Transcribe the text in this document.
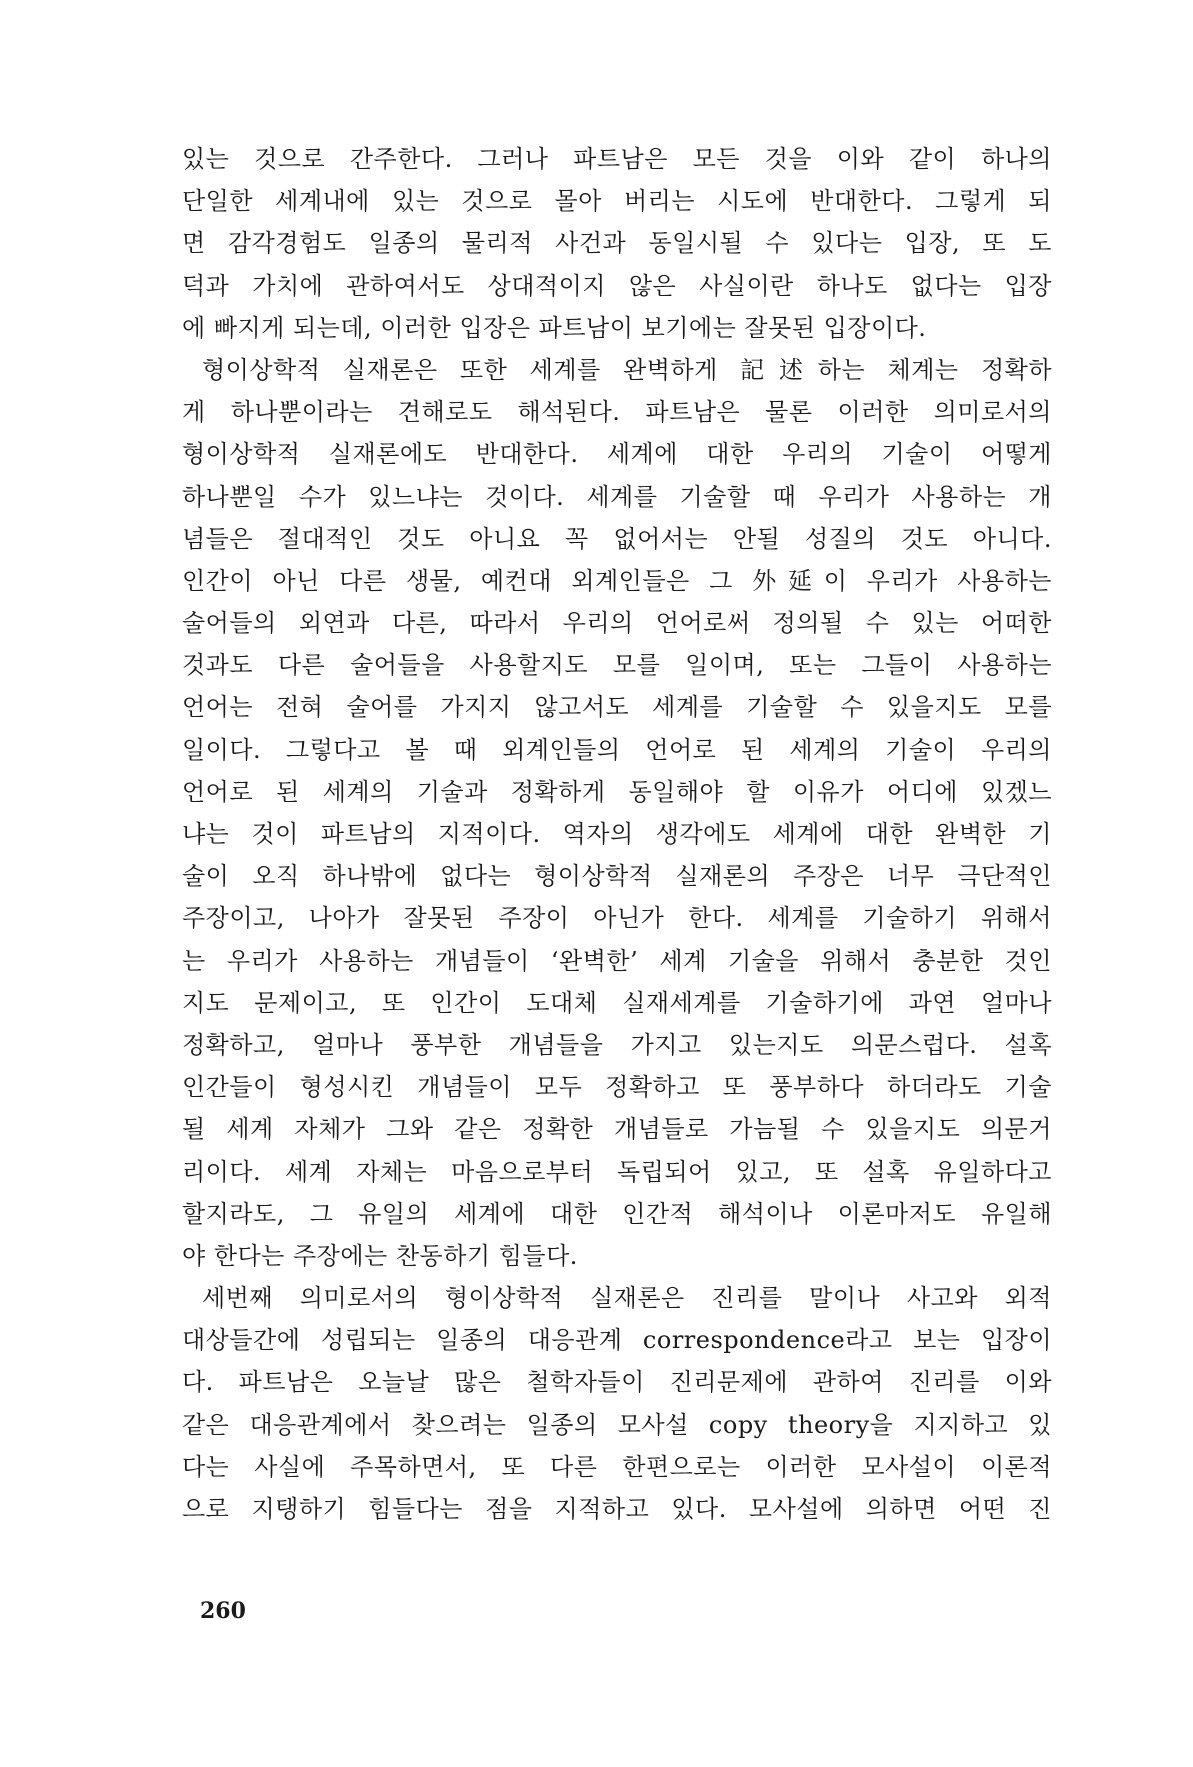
있는 것으로 간주한다. 그러나 파트남은 모든 것을 이와 같이 하나의
단일한 세계내에 있는 것으로 몰아 버리는 시도에 반대한다. 그렇게 되
면 감각경험도 일종의 물리적 사건과 동일시될 수 있다는 입장, 또 도
덕과 가치에 관하여서도 상대적이지 않은 사실이란 하나도 없다는 입장
에 빠지게 되는데, 이러한 입장은 파트남이 보기에는 잘못된 입장이다.
형이상학적 실재론은 또한 세계를 완벽하게 記述하는 체계는 정확하
게 하나뿐이라는 견해로도 해석된다. 파트남은 물론 이러한 의미로서의
형이상학적 실재론에도 반대한다. 세계에 대한 우리의 기술이 어떻게
하나뿐일 수가 있느냐는 것이다. 세계를 기술할 때 우리가 사용하는 개
념들은 절대적인 것도 아니요 꼭 없어서는 안될 성질의 것도 아니다.
인간이 아닌 다른 생물, 예컨대 외계인들은 그 外延이 우리가 사용하는
술어들의 외연과 다른, 따라서 우리의 언어로써 정의될 수 있는 어떠한
것과도 다른 술어들을 사용할지도 모를 일이며, 또는 그들이 사용하는
언어는 전혀 술어를 가지지 않고서도 세계를 기술할 수 있을지도 모를
일이다. 그렇다고 볼 때 외계인들의 언어로 된 세계의 기술이 우리의
언어로 된 세계의 기술과 정확하게 동일해야 할 이유가 어디에 있겠느
냐는 것이 파트남의 지적이다. 역자의 생각에도 세계에 대한 완벽한 기
술이 오직 하나밖에 없다는 형이상학적 실재론의 주장은 너무 극단적인
주장이고, 나아가 잘못된 주장이 아닌가 한다. 세계를 기술하기 위해서
는 우리가 사용하는 개념들이 ‘완벽한’ 세계 기술을 위해서 충분한 것인
지도 문제이고, 또 인간이 도대체 실재세계를 기술하기에 과연 얼마나
정확하고, 얼마나 풍부한 개념들을 가지고 있는지도 의문스럽다. 설혹
인간들이 형성시킨 개념들이 모두 정확하고 또 풍부하다 하더라도 기술
될 세계 자체가 그와 같은 정확한 개념들로 가늠될 수 있을지도 의문거
리이다. 세계 자체는 마음으로부터 독립되어 있고, 또 설혹 유일하다고
할지라도, 그 유일의 세계에 대한 인간적 해석이나 이론마저도 유일해
야 한다는 주장에는 찬동하기 힘들다.
세번째 의미로서의 형이상학적 실재론은 진리를 말이나 사고와 외적
대상들간에 성립되는 일종의 대응관계 correspondence라고 보는 입장이
다. 파트남은 오늘날 많은 철학자들이 진리문제에 관하여 진리를 이와
같은 대응관계에서 찾으려는 일종의 모사설 copy theory을 지지하고 있
다는 사실에 주목하면서, 또 다른 한편으로는 이러한 모사설이 이론적
으로 지탱하기 힘들다는 점을 지적하고 있다. 모사설에 의하면 어떤 진
260
